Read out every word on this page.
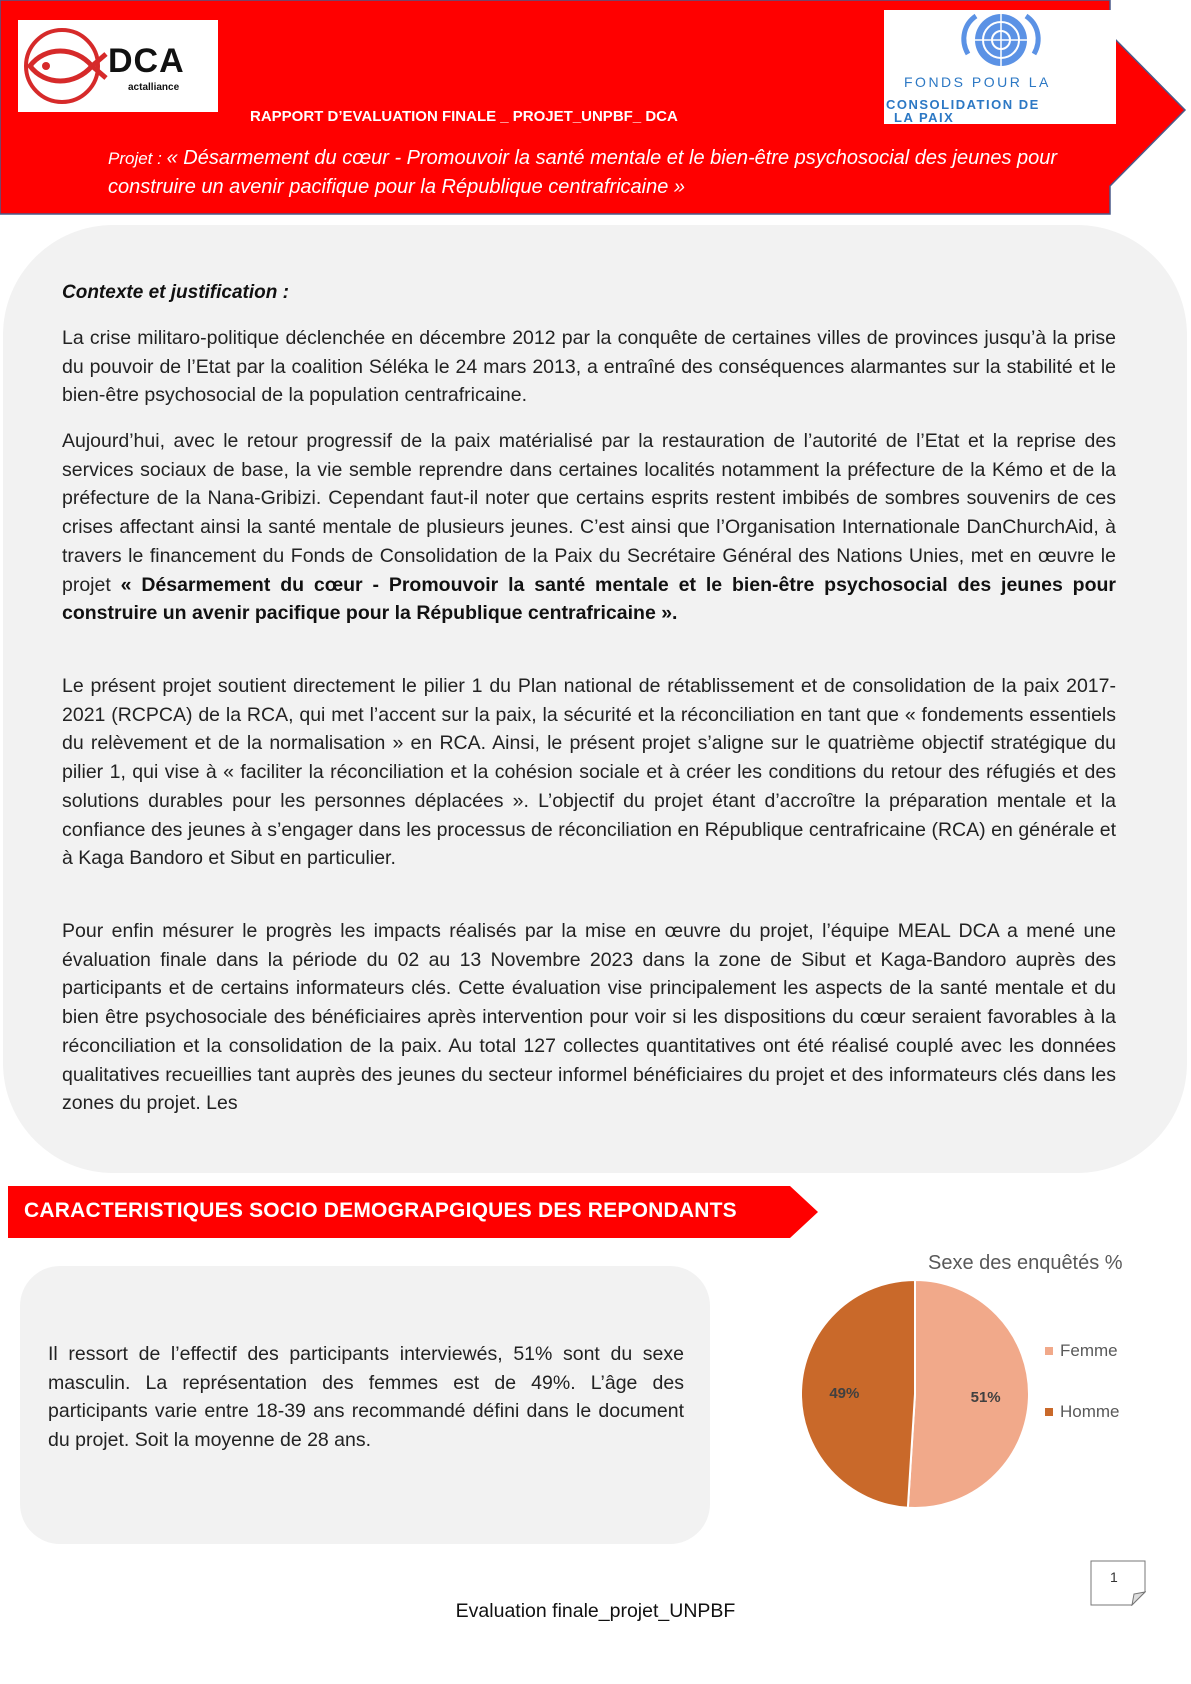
DCA
actalliance	FONDS POUR LA
CONSOLIDATION DE
LA PAIX
RAPPORT D’EVALUATION FINALE _ PROJET_UNPBF_ DCA
Projet : « Désarmement du cœur - Promouvoir la santé mentale et le bien-être psychosocial des jeunes pour construire un avenir pacifique pour la République centrafricaine »
Contexte et justification :

La crise militaro-politique déclenchée en décembre 2012 par la conquête de certaines villes de provinces jusqu’à la prise du pouvoir de l’Etat par la coalition Séléka le 24 mars 2013, a entraîné des conséquences alarmantes sur la stabilité et le bien-être psychosocial de la population centrafricaine.

Aujourd’hui, avec le retour progressif de la paix matérialisé par la restauration de l’autorité de l’Etat et la reprise des services sociaux de base, la vie semble reprendre dans certaines localités notamment la préfecture de la Kémo et de la préfecture de la Nana-Gribizi. Cependant faut-il noter que certains esprits restent imbibés de sombres souvenirs de ces crises affectant ainsi la santé mentale de plusieurs jeunes. C’est ainsi que l’Organisation Internationale DanChurchAid, à travers le financement du Fonds de Consolidation de la Paix du Secrétaire Général des Nations Unies, met en œuvre le projet « Désarmement du cœur - Promouvoir la santé mentale et le bien-être psychosocial des jeunes pour construire un avenir pacifique pour la République centrafricaine ».

Le présent projet soutient directement le pilier 1 du Plan national de rétablissement et de consolidation de la paix 2017-2021 (RCPCA) de la RCA, qui met l’accent sur la paix, la sécurité et la réconciliation en tant que « fondements essentiels du relèvement et de la normalisation » en RCA. Ainsi, le présent projet s’aligne sur le quatrième objectif stratégique du pilier 1, qui vise à « faciliter la réconciliation et la cohésion sociale et à créer les conditions du retour des réfugiés et des solutions durables pour les personnes déplacées ». L’objectif du projet étant d’accroître la préparation mentale et la confiance des jeunes à s’engager dans les processus de réconciliation en République centrafricaine (RCA) en générale et à Kaga Bandoro et Sibut en particulier.

Pour enfin mésurer le progrès les impacts réalisés par la mise en œuvre du projet, l’équipe MEAL DCA a mené une évaluation finale dans la période du 02 au 13 Novembre 2023 dans la zone de Sibut et Kaga-Bandoro auprès des participants et de certains informateurs clés. Cette évaluation vise principalement les aspects de la santé mentale et du bien être psychosociale des bénéficiaires après intervention pour voir si les dispositions du cœur seraient favorables à la réconciliation et la consolidation de la paix. Au total 127 collectes quantitatives ont été réalisé couplé avec les données qualitatives recueillies tant auprès des jeunes du secteur informel bénéficiaires du projet et des informateurs clés dans les zones du projet. Les

CARACTERISTIQUES SOCIO DEMOGRAPGIQUES DES REPONDANTS

Il ressort de l’effectif des participants interviewés, 51% sont du sexe masculin. La représentation des femmes est de 49%. L’âge des participants varie entre 18-39 ans recommandé défini dans le document du projet. Soit la moyenne de 28 ans.

Sexe des enquêtés %
51%
49%
Femme
Homme
1
Evaluation finale_projet_UNPBF
